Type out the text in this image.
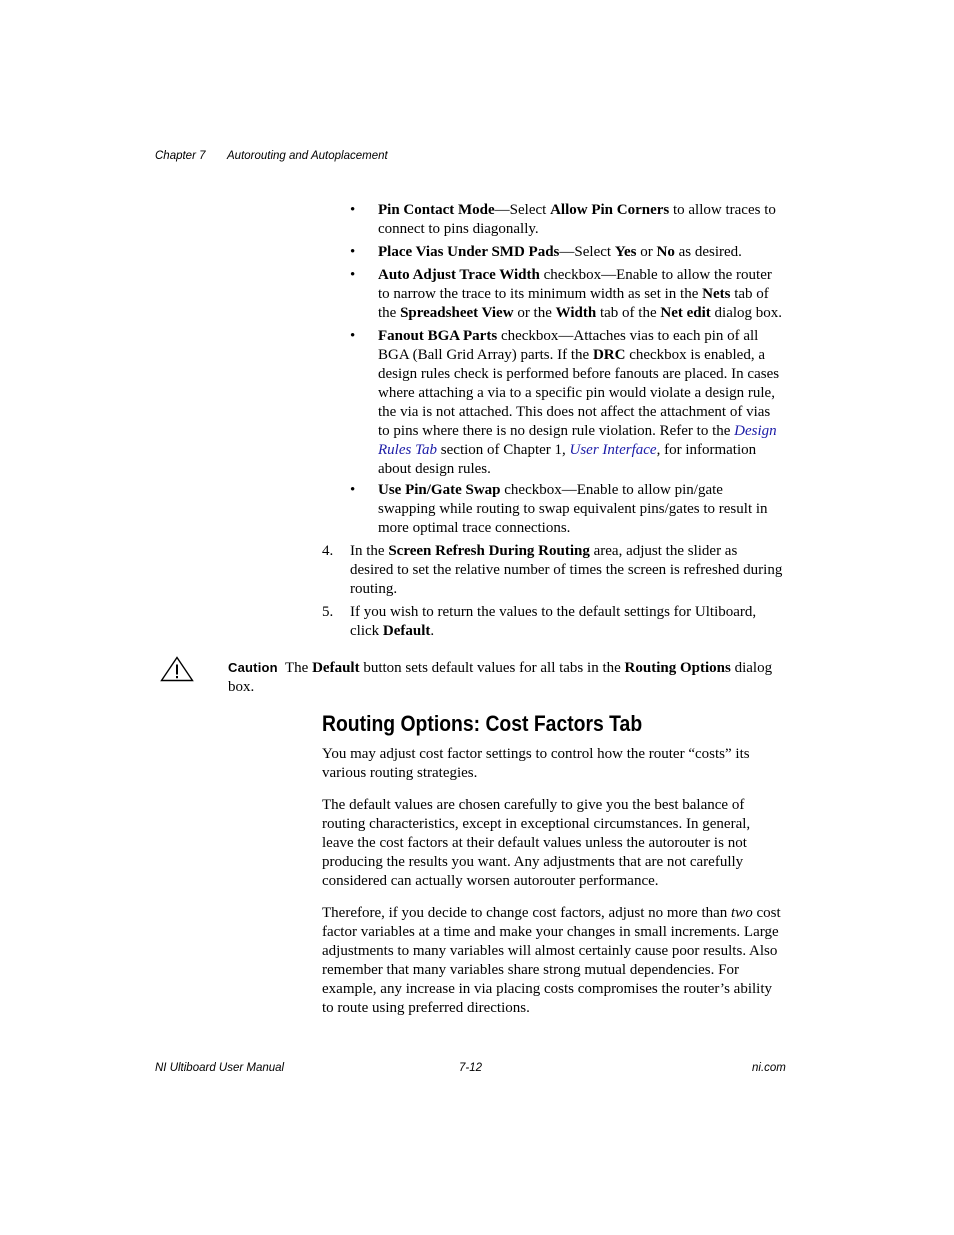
Chapter 7 Autorouting and Autoplacement
•	Pin Contact Mode—Select Allow Pin Corners to allow traces to connect to pins diagonally.
•	Place Vias Under SMD Pads—Select Yes or No as desired.
•	Auto Adjust Trace Width checkbox—Enable to allow the router to narrow the trace to its minimum width as set in the Nets tab of the Spreadsheet View or the Width tab of the Net edit dialog box.
•	Fanout BGA Parts checkbox—Attaches vias to each pin of all BGA (Ball Grid Array) parts. If the DRC checkbox is enabled, a design rules check is performed before fanouts are placed. In cases where attaching a via to a specific pin would violate a design rule, the via is not attached. This does not affect the attachment of vias to pins where there is no design rule violation. Refer to the Design Rules Tab section of Chapter 1, User Interface, for information about design rules.
•	Use Pin/Gate Swap checkbox—Enable to allow pin/gate swapping while routing to swap equivalent pins/gates to result in more optimal trace connections.
4.	In the Screen Refresh During Routing area, adjust the slider as desired to set the relative number of times the screen is refreshed during routing.
5.	If you wish to return the values to the default settings for Ultiboard, click Default.
Caution The Default button sets default values for all tabs in the Routing Options dialog box.
Routing Options: Cost Factors Tab
You may adjust cost factor settings to control how the router “costs” its various routing strategies.
The default values are chosen carefully to give you the best balance of routing characteristics, except in exceptional circumstances. In general, leave the cost factors at their default values unless the autorouter is not producing the results you want. Any adjustments that are not carefully considered can actually worsen autorouter performance.
Therefore, if you decide to change cost factors, adjust no more than two cost factor variables at a time and make your changes in small increments. Large adjustments to many variables will almost certainly cause poor results. Also remember that many variables share strong mutual dependencies. For example, any increase in via placing costs compromises the router’s ability to route using preferred directions.
NI Ultiboard User Manual	7-12	ni.com
